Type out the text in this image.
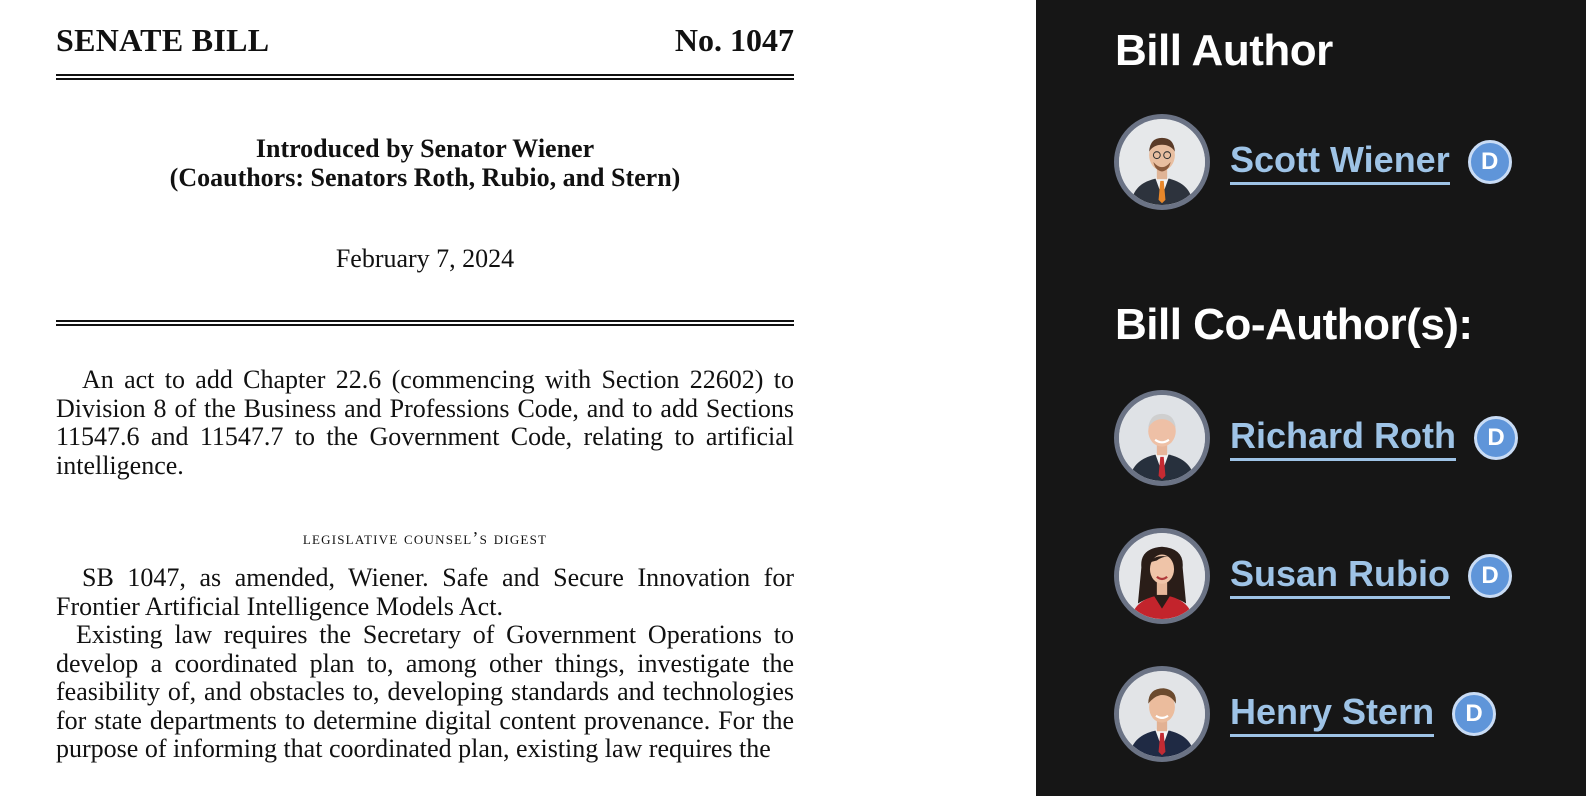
SENATE BILL	No. 1047
Introduced by Senator Wiener
(Coauthors: Senators Roth, Rubio, and Stern)
February 7, 2024
An act to add Chapter 22.6 (commencing with Section 22602) to Division 8 of the Business and Professions Code, and to add Sections 11547.6 and 11547.7 to the Government Code, relating to artificial intelligence.
legislative counsel’s digest
SB 1047, as amended, Wiener. Safe and Secure Innovation for Frontier Artificial Intelligence Models Act.
Existing law requires the Secretary of Government Operations to develop a coordinated plan to, among other things, investigate the feasibility of, and obstacles to, developing standards and technologies for state departments to determine digital content provenance. For the purpose of informing that coordinated plan, existing law requires the
Bill Author
Scott Wiener	D
Bill Co-Author(s):
Richard Roth	D
Susan Rubio	D
Henry Stern	D
